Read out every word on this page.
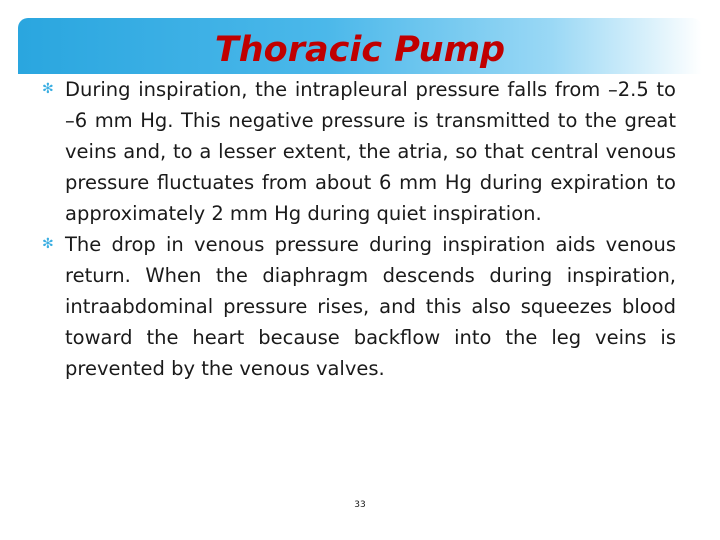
Thoracic Pump
✻ During inspiration, the intrapleural pressure falls from –2.5 to –6 mm Hg. This negative pressure is transmitted to the great veins and, to a lesser extent, the atria, so that central venous pressure fluctuates from about 6 mm Hg during expiration to approximately 2 mm Hg during quiet inspiration.
✻ The drop in venous pressure during inspiration aids venous return. When the diaphragm descends during inspiration, intraabdominal pressure rises, and this also squeezes blood toward the heart because backflow into the leg veins is prevented by the venous valves.
33
